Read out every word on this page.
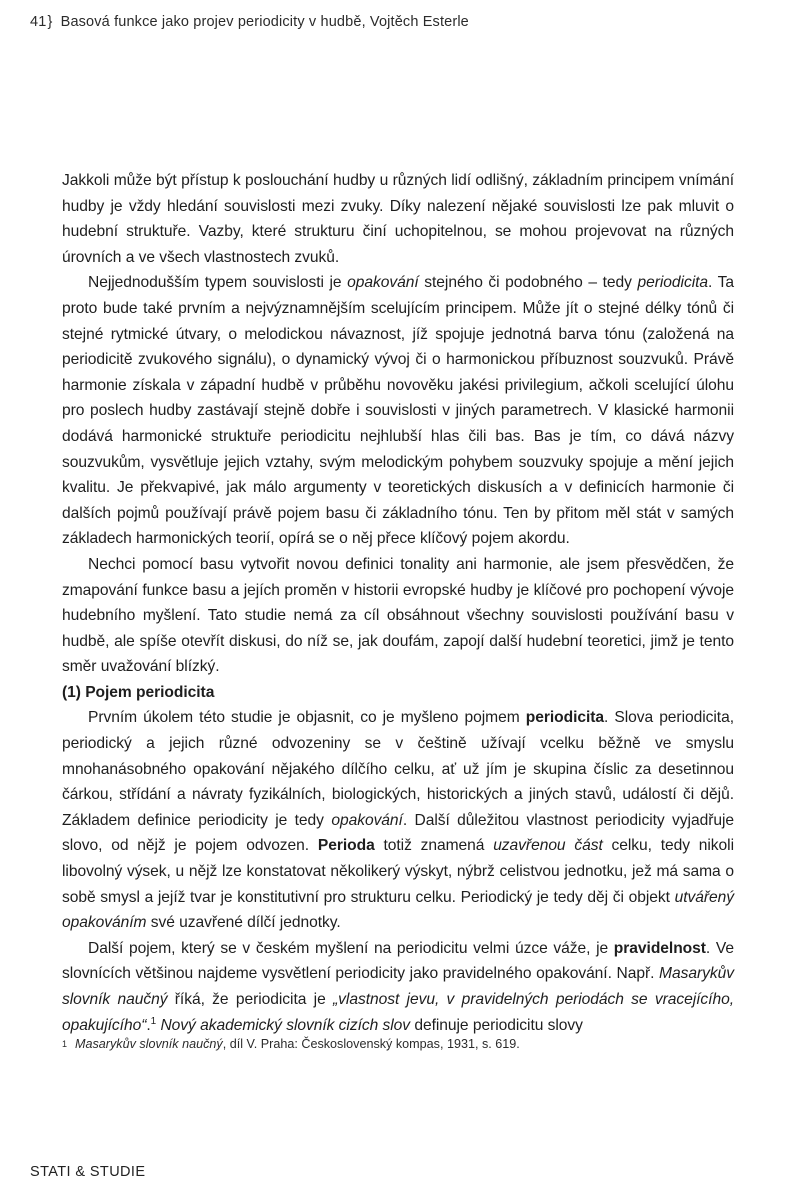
41} Basová funkce jako projev periodicity v hudbě, Vojtěch Esterle

Jakkoli může být přístup k poslouchání hudby u různých lidí odlišný, základním principem vnímání hudby je vždy hledání souvislosti mezi zvuky. Díky nalezení nějaké souvislosti lze pak mluvit o hudební struktuře. Vazby, které strukturu činí uchopitelnou, se mohou projevovat na různých úrovních a ve všech vlastnostech zvuků.

Nejjednodušším typem souvislosti je opakování stejného či podobného – tedy periodicita. Ta proto bude také prvním a nejvýznamnějším scelujícím principem. Může jít o stejné délky tónů či stejné rytmické útvary, o melodickou návaznost, jíž spojuje jednotná barva tónu (založená na periodicitě zvukového signálu), o dynamický vývoj či o harmonickou příbuznost souzvuků. Právě harmonie získala v západní hudbě v průběhu novověku jakési privilegium, ačkoli scelující úlohu pro poslech hudby zastávají stejně dobře i souvislosti v jiných parametrech. V klasické harmonii dodává harmonické struktuře periodicitu nejhlubší hlas čili bas. Bas je tím, co dává názvy souzvukům, vysvětluje jejich vztahy, svým melodickým pohybem souzvuky spojuje a mění jejich kvalitu. Je překvapivé, jak málo argumenty v teoretických diskusích a v definicích harmonie či dalších pojmů používají právě pojem basu či základního tónu. Ten by přitom měl stát v samých základech harmonických teorií, opírá se o něj přece klíčový pojem akordu.

Nechci pomocí basu vytvořit novou definici tonality ani harmonie, ale jsem přesvědčen, že zmapování funkce basu a jejích proměn v historii evropské hudby je klíčové pro pochopení vývoje hudebního myšlení. Tato studie nemá za cíl obsáhnout všechny souvislosti používání basu v hudbě, ale spíše otevřít diskusi, do níž se, jak doufám, zapojí další hudební teoretici, jimž je tento směr uvažování blízký.

(1) Pojem periodicita

Prvním úkolem této studie je objasnit, co je myšleno pojmem periodicita. Slova periodicita, periodický a jejich různé odvozeniny se v češtině užívají vcelku běžně ve smyslu mnohanásobného opakování nějakého dílčího celku, ať už jím je skupina číslic za desetinnou čárkou, střídání a návraty fyzikálních, biologických, historických a jiných stavů, událostí či dějů. Základem definice periodicity je tedy opakování. Další důležitou vlastnost periodicity vyjadřuje slovo, od nějž je pojem odvozen. Perioda totiž znamená uzavřenou část celku, tedy nikoli libovolný výsek, u nějž lze konstatovat několikerý výskyt, nýbrž celistvou jednotku, jež má sama o sobě smysl a jejíž tvar je konstitutivní pro strukturu celku. Periodický je tedy děj či objekt utvářený opakováním své uzavřené dílčí jednotky.

Další pojem, který se v českém myšlení na periodicitu velmi úzce váže, je pravidelnost. Ve slovnících většinou najdeme vysvětlení periodicity jako pravidelného opakování. Např. Masarykův slovník naučný říká, že periodicita je „vlastnost jevu, v pravidelných periodách se vracejícího, opakujícího“.$^1$ Nový akademický slovník cizích slov definuje periodicitu slovy

1 Masarykův slovník naučný, díl V. Praha: Československý kompas, 1931, s. 619.
STATI & STUDIE
